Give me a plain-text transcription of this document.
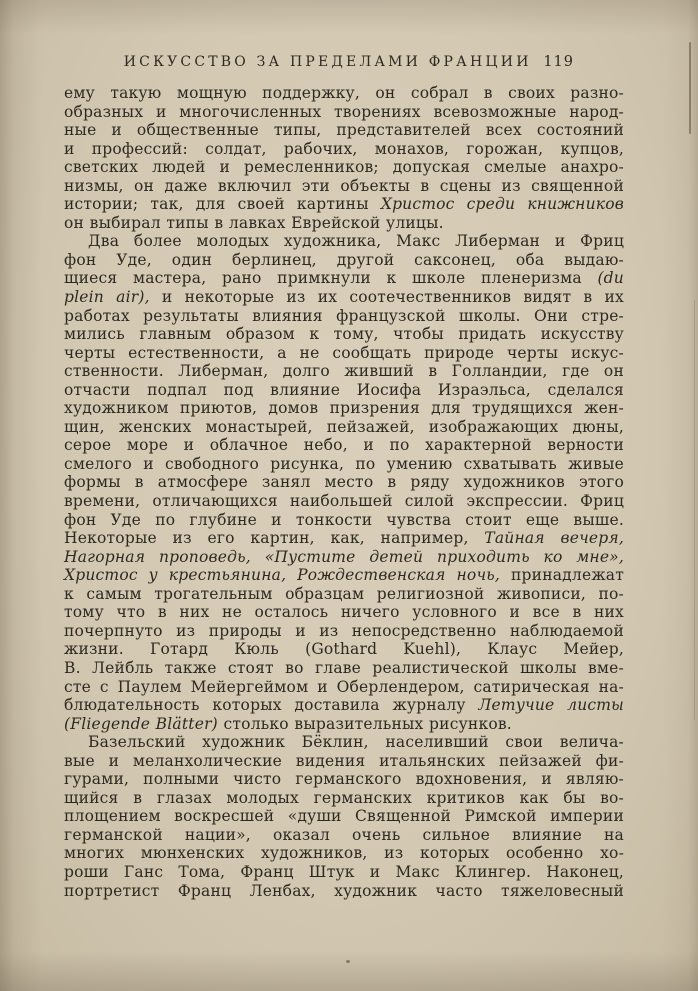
ИСКУССТВО ЗА ПРЕДЕЛАМИ ФРАНЦИИ 119
ему такую мощную поддержку, он собрал в своих разно-
образных и многочисленных творениях всевозможные народ-
ные и общественные типы, представителей всех состояний
и профессий: солдат, рабочих, монахов, горожан, купцов,
светских людей и ремесленников; допуская смелые анахро-
низмы, он даже включил эти объекты в сцены из священной
истории; так, для своей картины Христос среди книжников
он выбирал типы в лавках Еврейской улицы.
Два более молодых художника, Макс Либерман и Фриц
фон Уде, один берлинец, другой саксонец, оба выдаю-
щиеся мастера, рано примкнули к школе пленеризма (du
plein air), и некоторые из их соотечественников видят в их
работах результаты влияния французской школы. Они стре-
мились главным образом к тому, чтобы придать искусству
черты естественности, а не сообщать природе черты искус-
ственности. Либерман, долго живший в Голландии, где он
отчасти подпал под влияние Иосифа Израэльса, сделался
художником приютов, домов призрения для трудящихся жен-
щин, женских монастырей, пейзажей, изображающих дюны,
серое море и облачное небо, и по характерной верности
смелого и свободного рисунка, по умению схватывать живые
формы в атмосфере занял место в ряду художников этого
времени, отличающихся наибольшей силой экспрессии. Фриц
фон Уде по глубине и тонкости чувства стоит еще выше.
Некоторые из его картин, как, например, Тайная вечеря,
Нагорная проповедь, «Пустите детей приходить ко мне»,
Христос у крестьянина, Рождественская ночь, принадлежат
к самым трогательным образцам религиозной живописи, по-
тому что в них не осталось ничего условного и все в них
почерпнуто из природы и из непосредственно наблюдаемой
жизни. Готард Кюль (Gothard Kuehl), Клаус Мейер,
В. Лейбль также стоят во главе реалистической школы вме-
сте с Паулем Мейергеймом и Оберлендером, сатирическая на-
блюдательность которых доставила журналу Летучие листы
(Fliegende Blätter) столько выразительных рисунков.
Базельский художник Бёклин, населивший свои велича-
вые и меланхолические видения итальянских пейзажей фи-
гурами, полными чисто германского вдохновения, и являю-
щийся в глазах молодых германских критиков как бы во-
площением воскресшей «души Священной Римской империи
германской нации», оказал очень сильное влияние на
многих мюнхенских художников, из которых особенно хо-
роши Ганс Тома, Франц Штук и Макс Клингер. Наконец,
портретист Франц Ленбах, художник часто тяжеловесный
